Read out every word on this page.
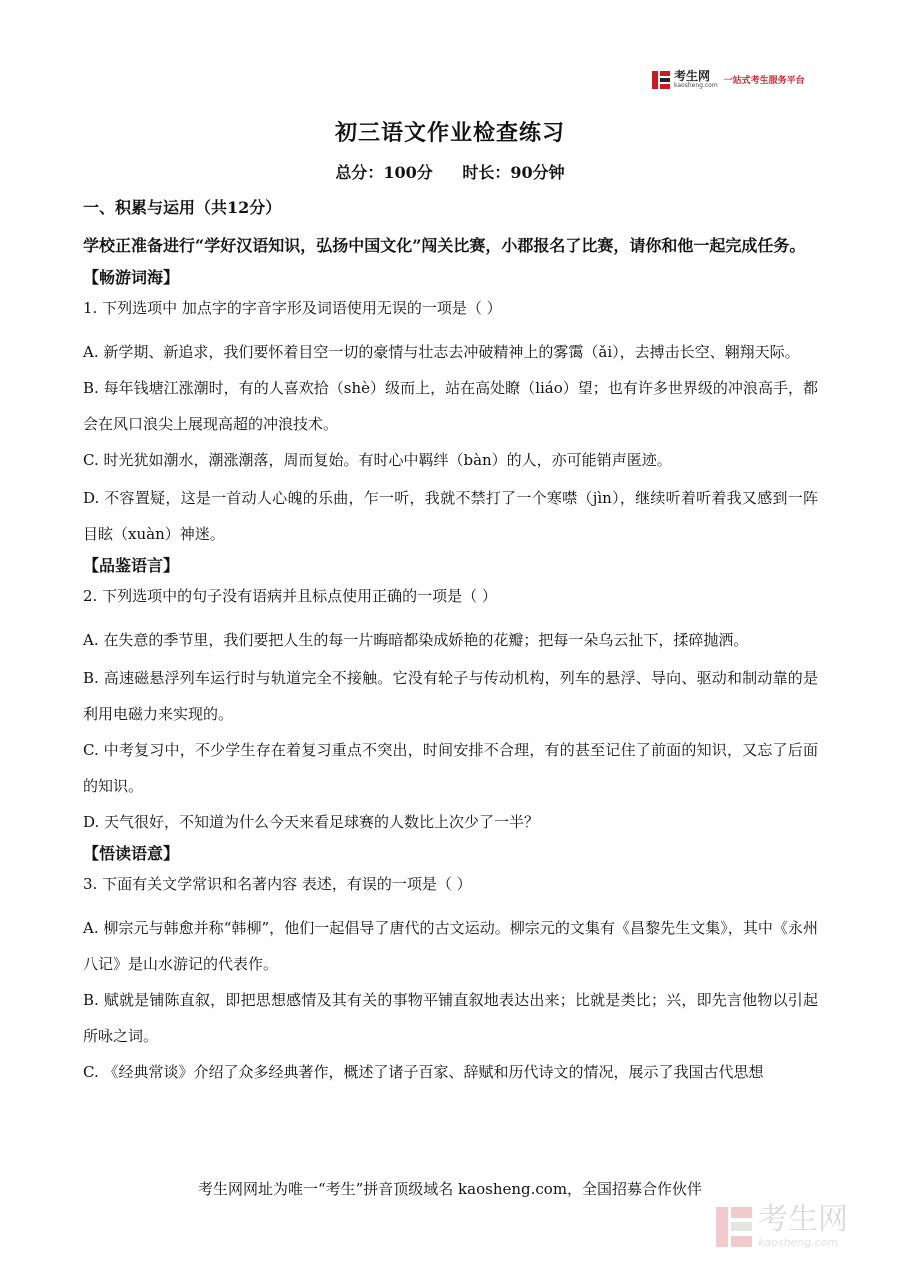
考生网
kaosheng.com 一站式考生服务平台
初三语文作业检查练习
总分：100分 时长：90分钟
一、积累与运用（共12分）
学校正准备进行“学好汉语知识，弘扬中国文化”闯关比赛，小郡报名了比赛，请你和他一起完成任务。
【畅游词海】
1. 下列选项中 加点字的字音字形及词语使用无误的一项是（ ）
A. 新学期、新追求，我们要怀着目空一切的豪情与壮志去冲破精神上的雾霭（ǎi），去搏击长空、翱翔天际。
B. 每年钱塘江涨潮时，有的人喜欢拾（shè）级而上，站在高处瞭（liáo）望；也有许多世界级的冲浪高手，都会在风口浪尖上展现高超的冲浪技术。
C. 时光犹如潮水，潮涨潮落，周而复始。有时心中羁绊（bàn）的人，亦可能销声匿迹。
D. 不容置疑，这是一首动人心魄的乐曲，乍一听，我就不禁打了一个寒噤（jìn），继续听着听着我又感到一阵目眩（xuàn）神迷。
【品鉴语言】
2. 下列选项中的句子没有语病并且标点使用正确的一项是（ ）
A. 在失意的季节里，我们要把人生的每一片晦暗都染成娇艳的花瓣；把每一朵乌云扯下，揉碎抛洒。
B. 高速磁悬浮列车运行时与轨道完全不接触。它没有轮子与传动机构，列车的悬浮、导向、驱动和制动靠的是利用电磁力来实现的。
C. 中考复习中，不少学生存在着复习重点不突出，时间安排不合理，有的甚至记住了前面的知识，又忘了后面的知识。
D. 天气很好，不知道为什么今天来看足球赛的人数比上次少了一半？
【悟读语意】
3. 下面有关文学常识和名著内容 表述，有误的一项是（ ）
A. 柳宗元与韩愈并称“韩柳”，他们一起倡导了唐代的古文运动。柳宗元的文集有《昌黎先生文集》，其中《永州八记》是山水游记的代表作。
B. 赋就是铺陈直叙，即把思想感情及其有关的事物平铺直叙地表达出来；比就是类比；兴，即先言他物以引起所咏之词。
C. 《经典常谈》介绍了众多经典著作，概述了诸子百家、辞赋和历代诗文的情况，展示了我国古代思想
考生网网址为唯一“考生”拼音顶级域名 kaosheng.com，全国招募合作伙伴
考生网
kaosheng.com
